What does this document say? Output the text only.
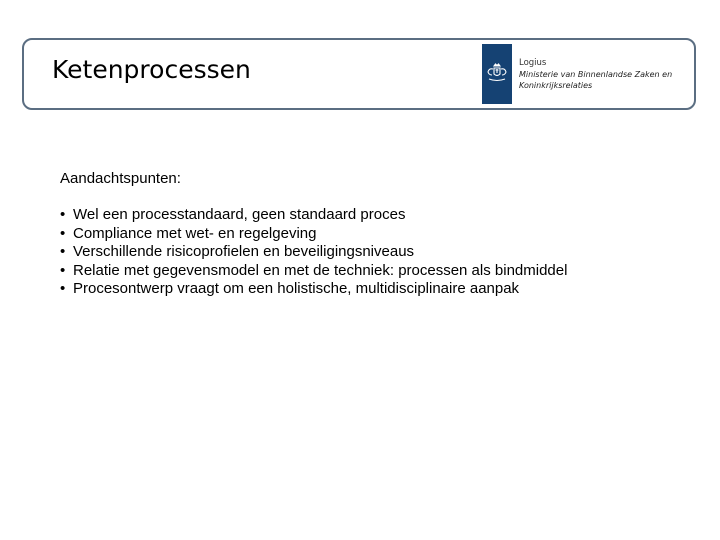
Ketenprocessen	Logius
Ministerie van Binnenlandse Zaken en
Koninkrijksrelaties

Aandachtspunten:

• Wel een processtandaard, geen standaard proces
• Compliance met wet- en regelgeving
• Verschillende risicoprofielen en beveiligingsniveaus
• Relatie met gegevensmodel en met de techniek: processen als bindmiddel
• Procesontwerp vraagt om een holistische, multidisciplinaire aanpak
